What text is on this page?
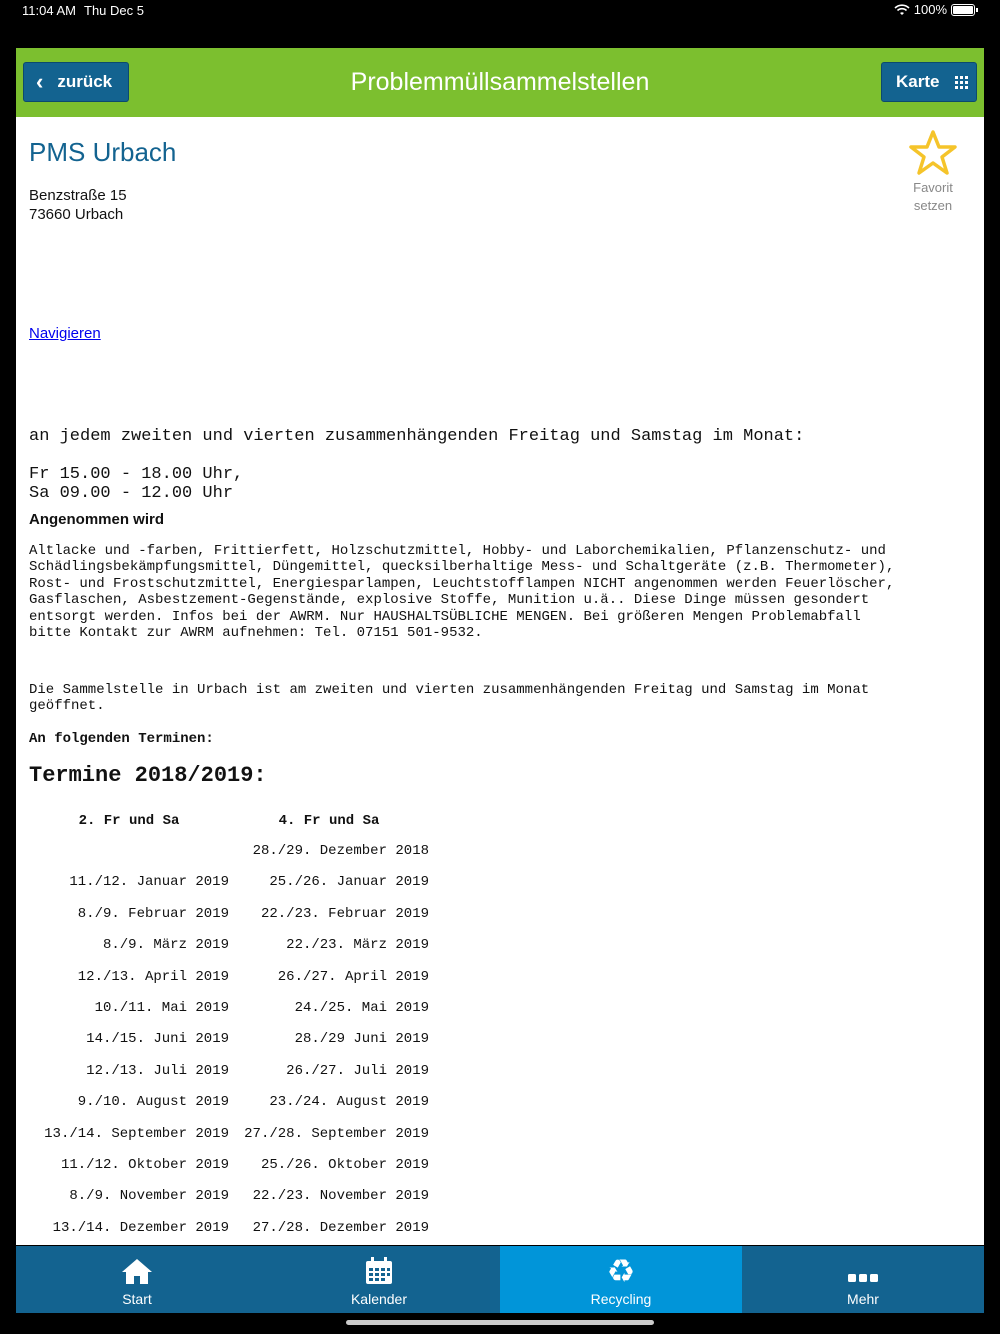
11:04 AM Thu Dec 5	100%
‹ zurück	Problemmüllsammelstellen	Karte
PMS Urbach
Benzstraße 15
73660 Urbach
Favorit
setzen
Navigieren
an jedem zweiten und vierten zusammenhängenden Freitag und Samstag im Monat:
Fr 15.00 - 18.00 Uhr,
Sa 09.00 - 12.00 Uhr
Angenommen wird
Altlacke und -farben, Frittierfett, Holzschutzmittel, Hobby- und Laborchemikalien, Pflanzenschutz- und
Schädlingsbekämpfungsmittel, Düngemittel, quecksilberhaltige Mess- und Schaltgeräte (z.B. Thermometer),
Rost- und Frostschutzmittel, Energiesparlampen, Leuchtstofflampen NICHT angenommen werden Feuerlöscher,
Gasflaschen, Asbestzement-Gegenstände, explosive Stoffe, Munition u.ä.. Diese Dinge müssen gesondert
entsorgt werden. Infos bei der AWRM. Nur HAUSHALTSÜBLICHE MENGEN. Bei größeren Mengen Problemabfall
bitte Kontakt zur AWRM aufnehmen: Tel. 07151 501-9532.
Die Sammelstelle in Urbach ist am zweiten und vierten zusammenhängenden Freitag und Samstag im Monat
geöffnet.
An folgenden Terminen:
Termine 2018/2019:
2. Fr und Sa	4. Fr und Sa
	28./29. Dezember 2018
11./12. Januar 2019	25./26. Januar 2019
8./9. Februar 2019	22./23. Februar 2019
8./9. März 2019	22./23. März 2019
12./13. April 2019	26./27. April 2019
10./11. Mai 2019	24./25. Mai 2019
14./15. Juni 2019	28./29 Juni 2019
12./13. Juli 2019	26./27. Juli 2019
9./10. August 2019	23./24. August 2019
13./14. September 2019	27./28. September 2019
11./12. Oktober 2019	25./26. Oktober 2019
8./9. November 2019	22./23. November 2019
13./14. Dezember 2019	27./28. Dezember 2019
Start	Kalender
♻
Recycling	Mehr
